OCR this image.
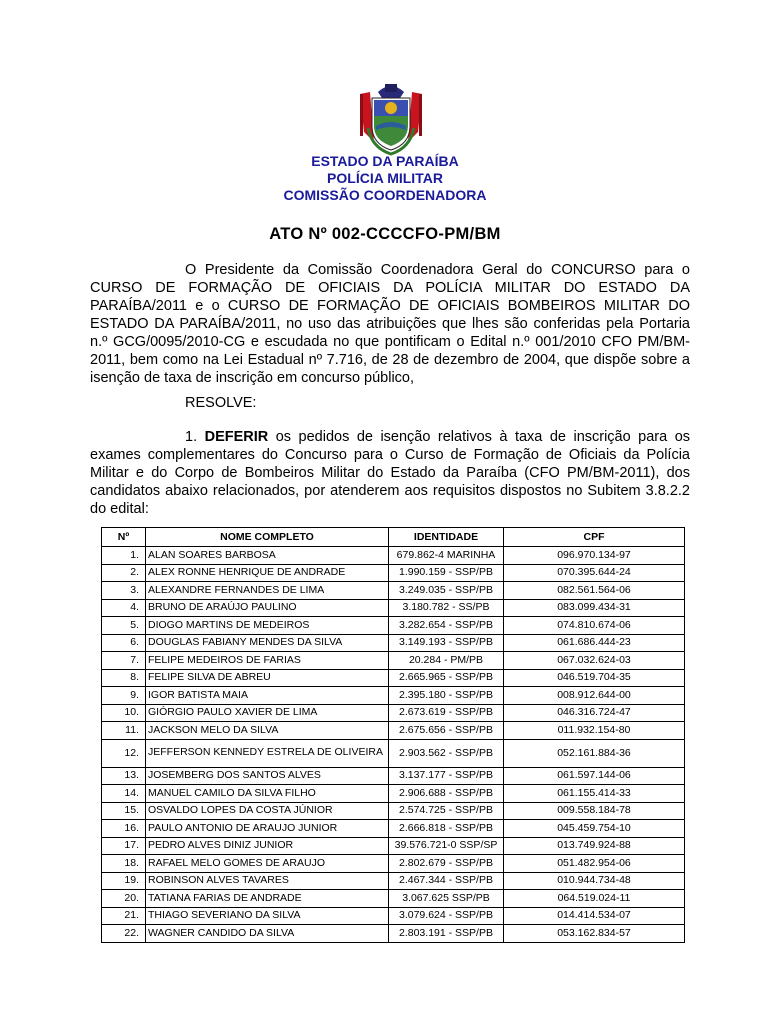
ESTADO DA PARAÍBA
POLÍCIA MILITAR
COMISSÃO COORDENADORA
ATO Nº 002-CCCCFO-PM/BM
O Presidente da Comissão Coordenadora Geral do CONCURSO para o CURSO DE FORMAÇÃO DE OFICIAIS DA POLÍCIA MILITAR DO ESTADO DA PARAÍBA/2011 e o CURSO DE FORMAÇÃO DE OFICIAIS BOMBEIROS MILITAR DO ESTADO DA PARAÍBA/2011, no uso das atribuições que lhes são conferidas pela Portaria n.º GCG/0095/2010-CG e escudada no que pontificam o Edital n.º 001/2010 CFO PM/BM-2011, bem como na Lei Estadual nº 7.716, de 28 de dezembro de 2004, que dispõe sobre a isenção de taxa de inscrição em concurso público,
RESOLVE:
1. DEFERIR os pedidos de isenção relativos à taxa de inscrição para os exames complementares do Concurso para o Curso de Formação de Oficiais da Polícia Militar e do Corpo de Bombeiros Militar do Estado da Paraíba (CFO PM/BM-2011), dos candidatos abaixo relacionados, por atenderem aos requisitos dispostos no Subitem 3.8.2.2 do edital:
Nº	NOME COMPLETO	IDENTIDADE	CPF
1.	ALAN SOARES BARBOSA	679.862-4 MARINHA	096.970.134-97
2.	ALEX RONNE HENRIQUE DE ANDRADE	1.990.159 - SSP/PB	070.395.644-24
3.	ALEXANDRE FERNANDES DE LIMA	3.249.035 - SSP/PB	082.561.564-06
4.	BRUNO DE ARAÚJO PAULINO	3.180.782 - SS/PB	083.099.434-31
5.	DIOGO MARTINS DE MEDEIROS	3.282.654 - SSP/PB	074.810.674-06
6.	DOUGLAS FABIANY MENDES DA SILVA	3.149.193 - SSP/PB	061.686.444-23
7.	FELIPE MEDEIROS DE FARIAS	20.284 - PM/PB	067.032.624-03
8.	FELIPE SILVA DE ABREU	2.665.965 - SSP/PB	046.519.704-35
9.	IGOR BATISTA MAIA	2.395.180 - SSP/PB	008.912.644-00
10.	GIÓRGIO PAULO XAVIER DE LIMA	2.673.619 - SSP/PB	046.316.724-47
11.	JACKSON MELO DA SILVA	2.675.656 - SSP/PB	011.932.154-80
12.	JEFFERSON KENNEDY ESTRELA DE OLIVEIRA	2.903.562 - SSP/PB	052.161.884-36
13.	JOSEMBERG DOS SANTOS ALVES	3.137.177 - SSP/PB	061.597.144-06
14.	MANUEL CAMILO DA SILVA FILHO	2.906.688 - SSP/PB	061.155.414-33
15.	OSVALDO LOPES DA COSTA JÚNIOR	2.574.725 - SSP/PB	009.558.184-78
16.	PAULO ANTONIO DE ARAUJO JUNIOR	2.666.818 - SSP/PB	045.459.754-10
17.	PEDRO ALVES DINIZ JUNIOR	39.576.721-0 SSP/SP	013.749.924-88
18.	RAFAEL MELO GOMES DE ARAUJO	2.802.679 - SSP/PB	051.482.954-06
19.	ROBINSON ALVES TAVARES	2.467.344 - SSP/PB	010.944.734-48
20.	TATIANA FARIAS DE ANDRADE	3.067.625 SSP/PB	064.519.024-11
21.	THIAGO SEVERIANO DA SILVA	3.079.624 - SSP/PB	014.414.534-07
22.	WAGNER CANDIDO DA SILVA	2.803.191 - SSP/PB	053.162.834-57
